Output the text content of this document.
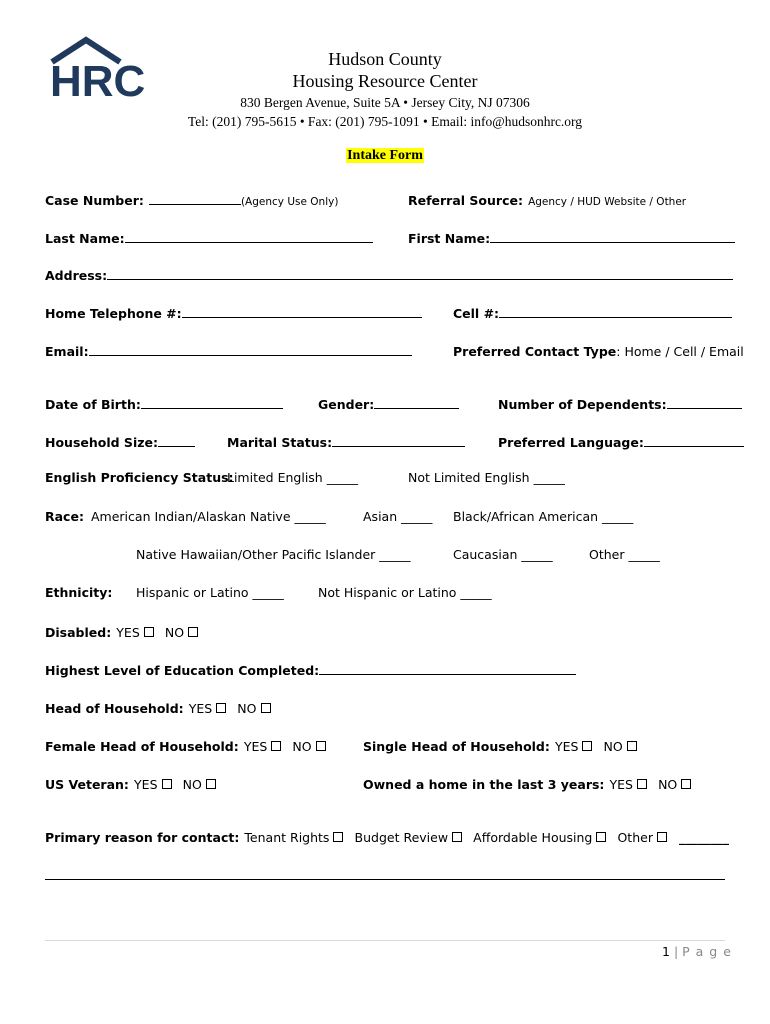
HRC	Hudson County
Housing Resource Center
830 Bergen Avenue, Suite 5A • Jersey City, NJ 07306
Tel: (201) 795-5615 • Fax: (201) 795-1091 • Email: info@hudsonhrc.org
Intake Form
Case Number:	(Agency Use Only)	Referral Source: Agency / HUD Website / Other
Last Name:	First Name:
Address:
Home Telephone #:	Cell #:
Email:	Preferred Contact Type: Home / Cell / Email
Date of Birth:	Gender:	Number of Dependents:
Household Size:	Marital Status:	Preferred Language:
English Proficiency Status:
Limited English _____	Not Limited English _____
Race: American Indian/Alaskan Native _____	Asian _____ Black/African American _____
Native Hawaiian/Other Pacific Islander _____	Caucasian _____	Other _____
Ethnicity: Hispanic or Latino _____	Not Hispanic or Latino _____
Disabled: YES NO
Highest Level of Education Completed:
Head of Household: YES NO
Female Head of Household: YES NO	Single Head of Household: YES NO
US Veteran: YES NO	Owned a home in the last 3 years: YES NO
Primary reason for contact: Tenant Rights Budget Review Affordable Housing Other ________
1 | P a g e
